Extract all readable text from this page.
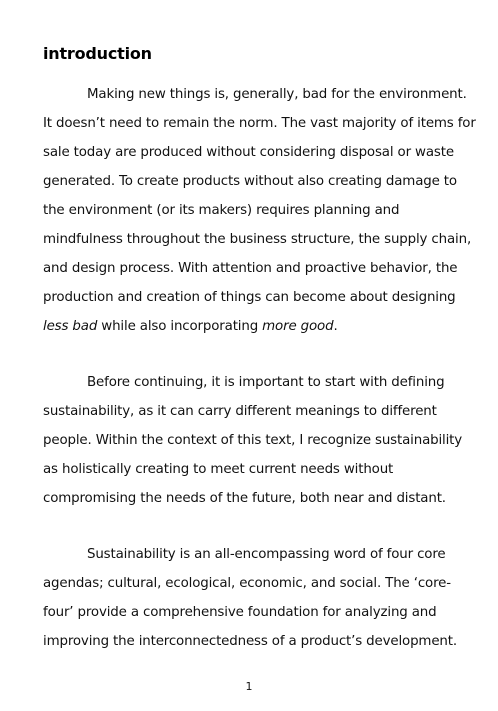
introduction

Making new things is, generally, bad for the environment.
It doesn’t need to remain the norm. The vast majority of items for
sale today are produced without considering disposal or waste
generated. To create products without also creating damage to
the environment (or its makers) requires planning and
mindfulness throughout the business structure, the supply chain,
and design process. With attention and proactive behavior, the
production and creation of things can become about designing
less bad while also incorporating more good.

Before continuing, it is important to start with defining
sustainability, as it can carry different meanings to different
people. Within the context of this text, I recognize sustainability
as holistically creating to meet current needs without
compromising the needs of the future, both near and distant.

Sustainability is an all-encompassing word of four core
agendas; cultural, ecological, economic, and social. The ‘core-
four’ provide a comprehensive foundation for analyzing and
improving the interconnectedness of a product’s development.

1
